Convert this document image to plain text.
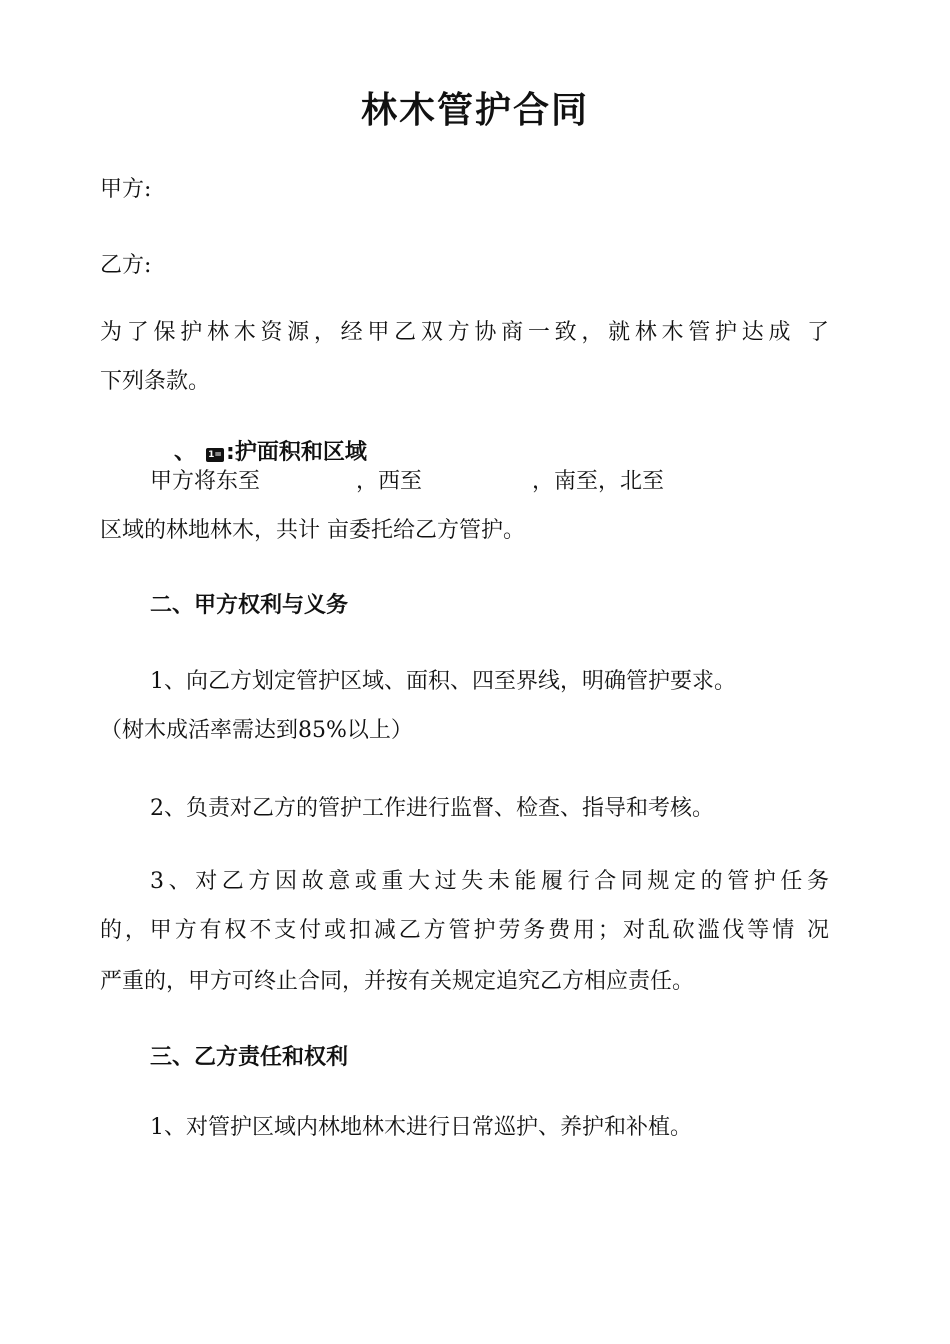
林木管护合同
甲方:
乙方:
为了保护林木资源，经甲乙双方协商一致，就林木管护达成 了
下列条款。
、 1= :护面积和区域
甲方将东至	，西至	，南至，北至
区域的林地林木，共计 亩委托给乙方管护。
二、甲方权利与义务
1、向乙方划定管护区域、面积、四至界线，明确管护要求。
（树木成活率需达到85%以上）
2、负责对乙方的管护工作进行监督、检查、指导和考核。
3、对乙方因故意或重大过失未能履行合同规定的管护任务
的，甲方有权不支付或扣减乙方管护劳务费用；对乱砍滥伐等情 况
严重的，甲方可终止合同，并按有关规定追究乙方相应责任。
三、乙方责任和权利
1、对管护区域内林地林木进行日常巡护、养护和补植。
